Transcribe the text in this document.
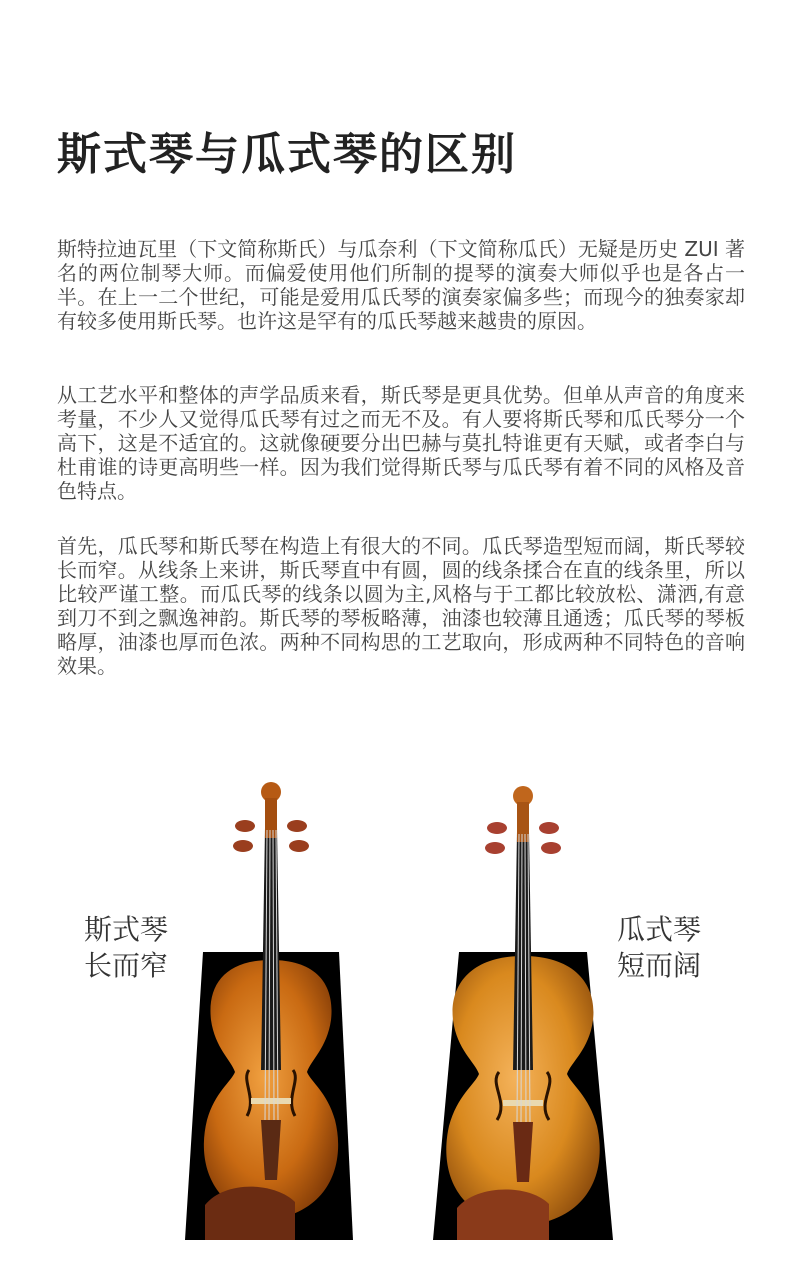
斯式琴与瓜式琴的区别

斯特拉迪瓦里（下文简称斯氏）与瓜奈利（下文简称瓜氏）无疑是历史 ZUI 著名的两位制琴大师。而偏爱使用他们所制的提琴的演奏大师似乎也是各占一半。在上一二个世纪，可能是爱用瓜氏琴的演奏家偏多些；而现今的独奏家却有较多使用斯氏琴。也许这是罕有的瓜氏琴越来越贵的原因。

从工艺水平和整体的声学品质来看，斯氏琴是更具优势。但单从声音的角度来考量，不少人又觉得瓜氏琴有过之而无不及。有人要将斯氏琴和瓜氏琴分一个高下，这是不适宜的。这就像硬要分出巴赫与莫扎特谁更有天赋，或者李白与杜甫谁的诗更高明些一样。因为我们觉得斯氏琴与瓜氏琴有着不同的风格及音色特点。

首先，瓜氏琴和斯氏琴在构造上有很大的不同。瓜氏琴造型短而阔，斯氏琴较长而窄。从线条上来讲，斯氏琴直中有圆，圆的线条揉合在直的线条里，所以比较严谨工整。而瓜氏琴的线条以圆为主,风格与于工都比较放松、潇洒,有意到刀不到之飘逸神韵。斯氏琴的琴板略薄，油漆也较薄且通透；瓜氏琴的琴板略厚，油漆也厚而色浓。两种不同构思的工艺取向，形成两种不同特色的音响效果。

斯式琴
长而窄
瓜式琴
短而阔
